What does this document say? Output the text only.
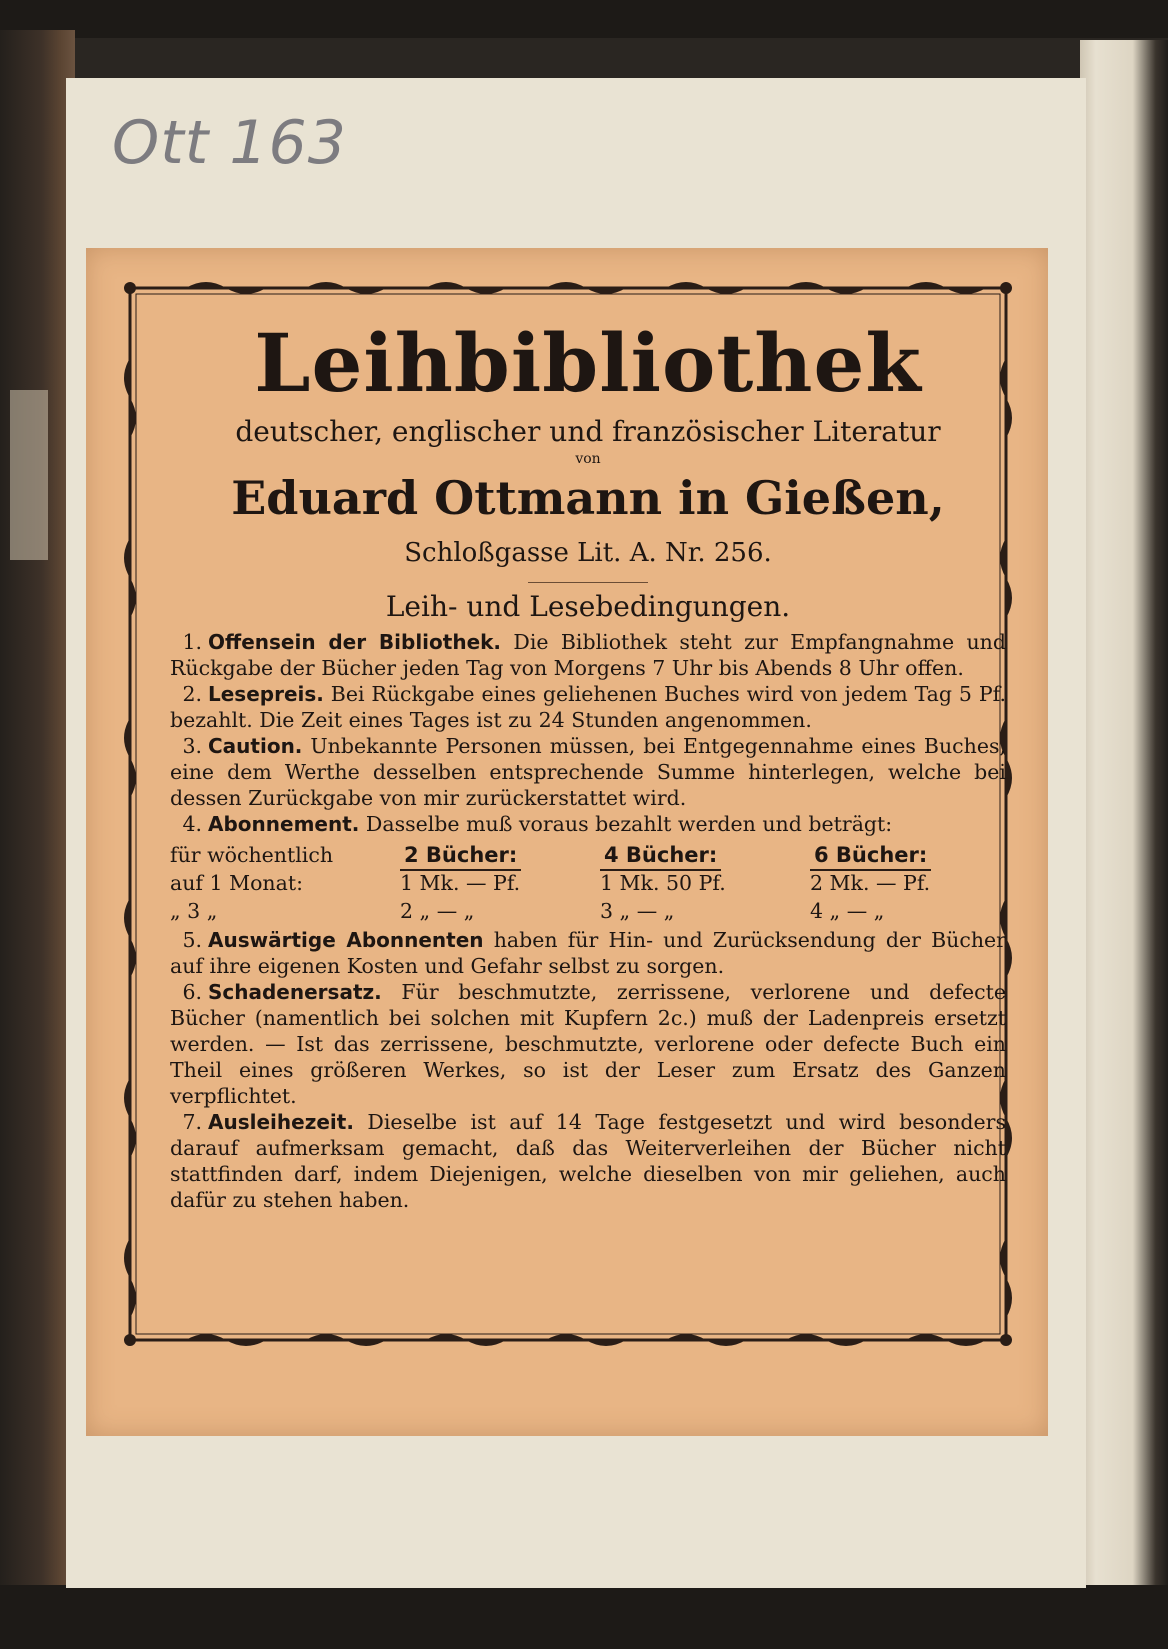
Ott 163

Leihbibliothek

deutscher, englischer und französischer Literatur

von

Eduard Ottmann in Gießen,

Schloßgasse Lit. A. Nr. 256.

Leih- und Lesebedingungen.

1. Offensein der Bibliothek. Die Bibliothek steht zur Empfangnahme und Rückgabe der Bücher jeden Tag von Morgens 7 Uhr bis Abends 8 Uhr offen.

2. Lesepreis. Bei Rückgabe eines geliehenen Buches wird von jedem Tag 5 Pf. bezahlt. Die Zeit eines Tages ist zu 24 Stunden angenommen.

3. Caution. Unbekannte Personen müssen, bei Entgegennahme eines Buches, eine dem Werthe desselben entsprechende Summe hinterlegen, welche bei dessen Zurückgabe von mir zurückerstattet wird.

4. Abonnement. Dasselbe muß voraus bezahlt werden und beträgt:

für wöchentlich	2 Bücher:	4 Bücher:	6 Bücher:
auf 1 Monat:	1 Mk. — Pf.	1 Mk. 50 Pf.	2 Mk. — Pf.
„ 3 „	2 „ — „	3 „ — „	4 „ — „

5. Auswärtige Abonnenten haben für Hin- und Zurücksendung der Bücher auf ihre eigenen Kosten und Gefahr selbst zu sorgen.

6. Schadenersatz. Für beschmutzte, zerrissene, verlorene und defecte Bücher (namentlich bei solchen mit Kupfern 2c.) muß der Ladenpreis ersetzt werden. — Ist das zerrissene, beschmutzte, verlorene oder defecte Buch ein Theil eines größeren Werkes, so ist der Leser zum Ersatz des Ganzen verpflichtet.

7. Ausleihezeit. Dieselbe ist auf 14 Tage festgesetzt und wird besonders darauf aufmerksam gemacht, daß das Weiterverleihen der Bücher nicht stattfinden darf, indem Diejenigen, welche dieselben von mir geliehen, auch dafür zu stehen haben.
